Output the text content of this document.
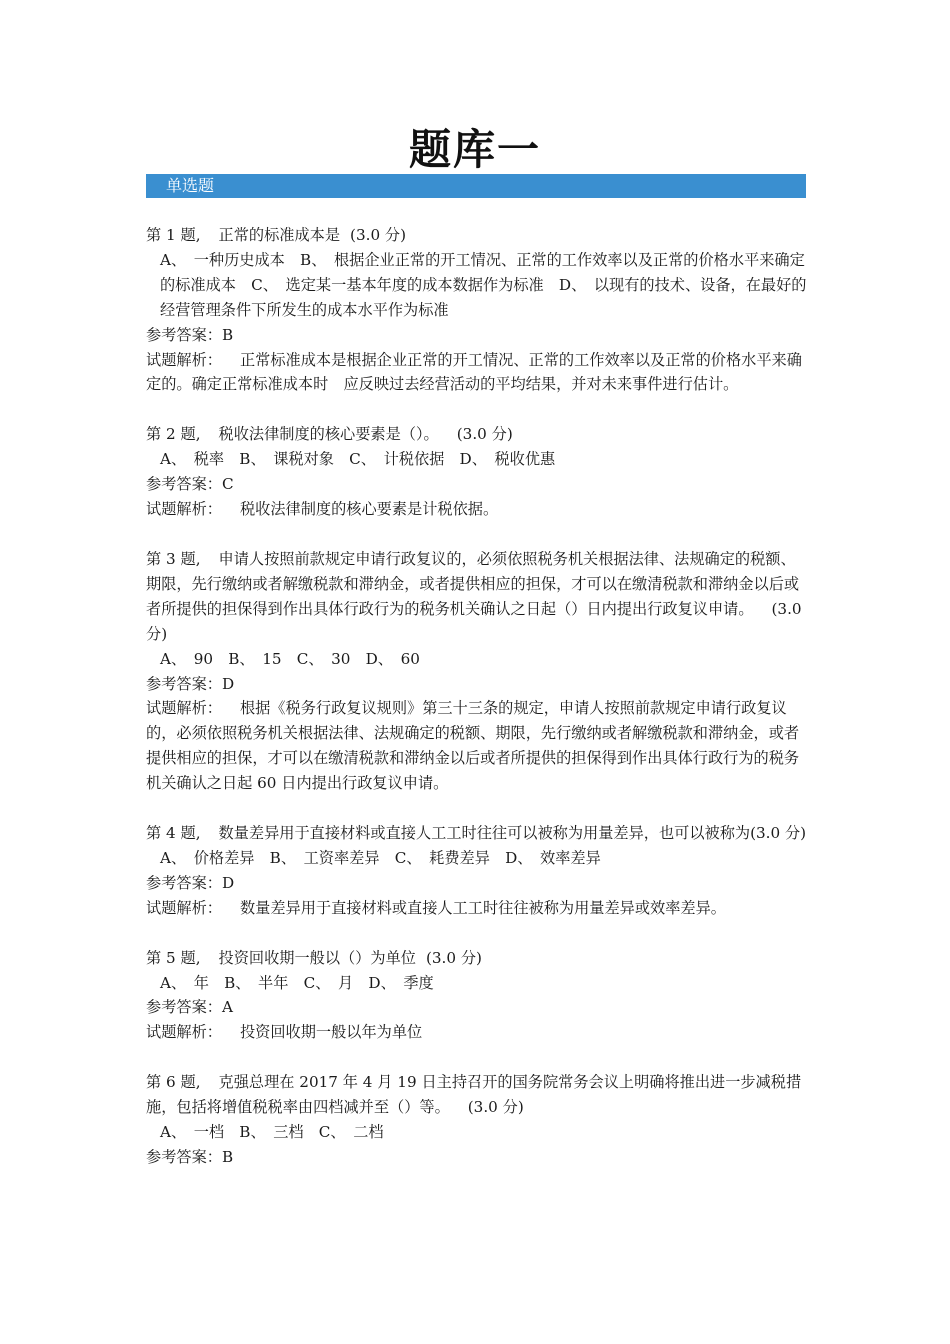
题库一
单选题
第 1 题, 正常的标准成本是 (3.0 分)
A、　一种历史成本　B、　根据企业正常的开工情况、正常的工作效率以及正常的价格水平来确定的标准成本　C、　选定某一基本年度的成本数据作为标准　D、　以现有的技术、设备，在最好的经营管理条件下所发生的成本水平作为标准
参考答案：B
试题解析： 正常标准成本是根据企业正常的开工情况、正常的工作效率以及正常的价格水平来确定的。确定正常标准成本时　应反映过去经营活动的平均结果，并对未来事件进行估计。
第 2 题, 税收法律制度的核心要素是（）。 (3.0 分)
A、　税率　B、　课税对象　C、　计税依据　D、　税收优惠
参考答案：C
试题解析： 税收法律制度的核心要素是计税依据。
第 3 题, 申请人按照前款规定申请行政复议的，必须依照税务机关根据法律、法规确定的税额、期限，先行缴纳或者解缴税款和滞纳金，或者提供相应的担保，才可以在缴清税款和滞纳金以后或者所提供的担保得到作出具体行政行为的税务机关确认之日起（）日内提出行政复议申请。 (3.0 分)
A、　90　B、　15　C、　30　D、　60
参考答案：D
试题解析： 根据《税务行政复议规则》第三十三条的规定，申请人按照前款规定申请行政复议的，必须依照税务机关根据法律、法规确定的税额、期限，先行缴纳或者解缴税款和滞纳金，或者提供相应的担保，才可以在缴清税款和滞纳金以后或者所提供的担保得到作出具体行政行为的税务机关确认之日起 60 日内提出行政复议申请。
第 4 题, 数量差异用于直接材料或直接人工工时往往可以被称为用量差异，也可以被称为(3.0 分)
A、　价格差异　B、　工资率差异　C、　耗费差异　D、　效率差异
参考答案：D
试题解析： 数量差异用于直接材料或直接人工工时往往被称为用量差异或效率差异。
第 5 题, 投资回收期一般以（）为单位 (3.0 分)
A、　年　B、　半年　C、　月　D、　季度
参考答案：A
试题解析： 投资回收期一般以年为单位
第 6 题, 克强总理在 2017 年 4 月 19 日主持召开的国务院常务会议上明确将推出进一步减税措施，包括将增值税税率由四档减并至（）等。 (3.0 分)
A、　一档　B、　三档　C、　二档
参考答案：B
